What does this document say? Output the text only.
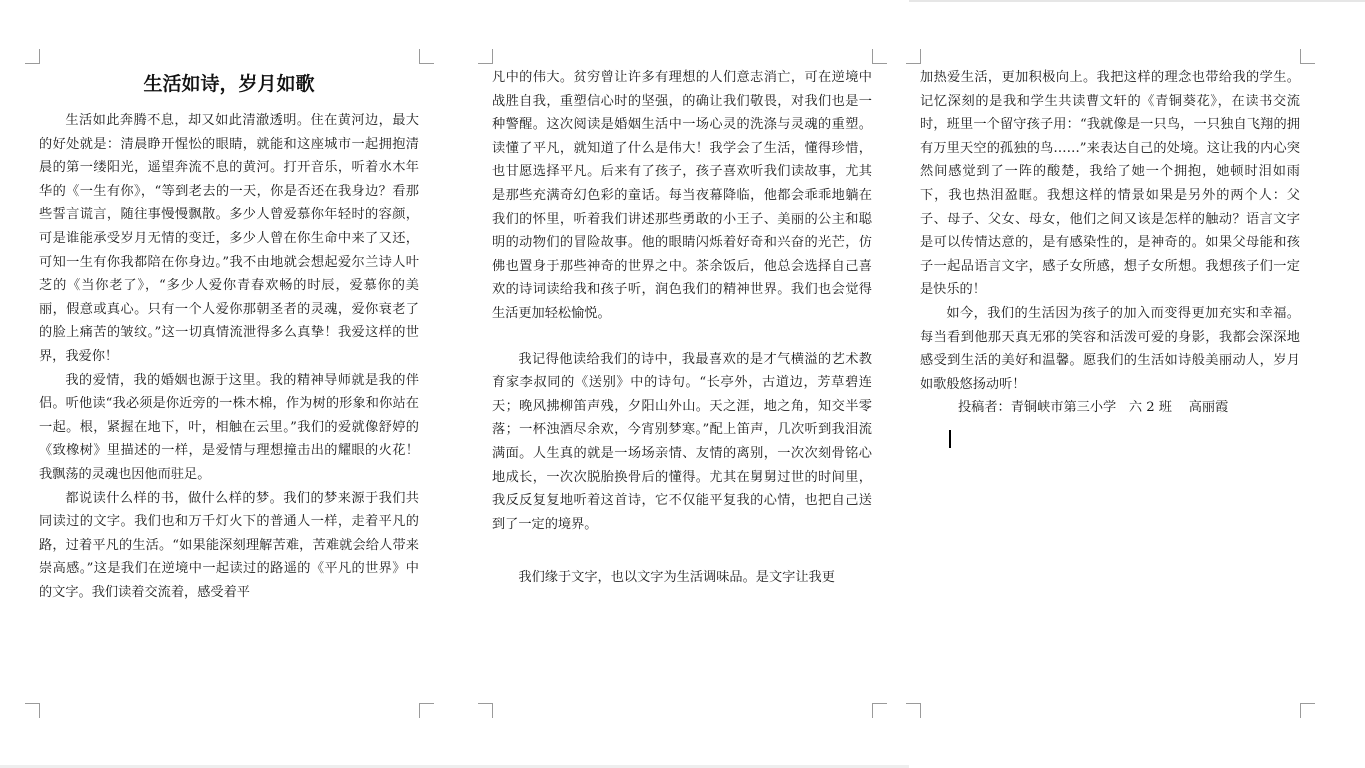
生活如诗，岁月如歌

生活如此奔腾不息，却又如此清澈透明。住在黄河边，最大的好处就是：清晨睁开惺忪的眼睛，就能和这座城市一起拥抱清晨的第一缕阳光，遥望奔流不息的黄河。打开音乐，听着水木年华的《一生有你》，“等到老去的一天，你是否还在我身边？看那些誓言谎言，随往事慢慢飘散。多少人曾爱慕你年轻时的容颜，可是谁能承受岁月无情的变迁，多少人曾在你生命中来了又还，可知一生有你我都陪在你身边。”我不由地就会想起爱尔兰诗人叶芝的《当你老了》，“多少人爱你青春欢畅的时辰，爱慕你的美丽，假意或真心。只有一个人爱你那朝圣者的灵魂，爱你衰老了的脸上痛苦的皱纹。”这一切真情流泄得多么真挚！我爱这样的世界，我爱你！

我的爱情，我的婚姻也源于这里。我的精神导师就是我的伴侣。听他读“我必须是你近旁的一株木棉，作为树的形象和你站在一起。根，紧握在地下，叶，相触在云里。”我们的爱就像舒婷的《致橡树》里描述的一样，是爱情与理想撞击出的耀眼的火花！我飘荡的灵魂也因他而驻足。

都说读什么样的书，做什么样的梦。我们的梦来源于我们共同读过的文字。我们也和万千灯火下的普通人一样，走着平凡的路，过着平凡的生活。“如果能深刻理解苦难，苦难就会给人带来崇高感。”这是我们在逆境中一起读过的路遥的《平凡的世界》中的文字。我们读着交流着，感受着平

凡中的伟大。贫穷曾让许多有理想的人们意志消亡，可在逆境中战胜自我，重塑信心时的坚强，的确让我们敬畏，对我们也是一种警醒。这次阅读是婚姻生活中一场心灵的洗涤与灵魂的重塑。读懂了平凡，就知道了什么是伟大！我学会了生活，懂得珍惜，也甘愿选择平凡。后来有了孩子，孩子喜欢听我们读故事，尤其是那些充满奇幻色彩的童话。每当夜幕降临，他都会乖乖地躺在我们的怀里，听着我们讲述那些勇敢的小王子、美丽的公主和聪明的动物们的冒险故事。他的眼睛闪烁着好奇和兴奋的光芒，仿佛也置身于那些神奇的世界之中。茶余饭后，他总会选择自己喜欢的诗词读给我和孩子听，润色我们的精神世界。我们也会觉得生活更加轻松愉悦。

我记得他读给我们的诗中，我最喜欢的是才气横溢的艺术教育家李叔同的《送别》中的诗句。“长亭外，古道边，芳草碧连天；晚风拂柳笛声残，夕阳山外山。天之涯，地之角，知交半零落；一杯浊酒尽余欢，今宵别梦寒。”配上笛声，几次听到我泪流满面。人生真的就是一场场亲情、友情的离别，一次次刻骨铭心地成长，一次次脱胎换骨后的懂得。尤其在舅舅过世的时间里，我反反复复地听着这首诗，它不仅能平复我的心情，也把自己送到了一定的境界。

我们缘于文字，也以文字为生活调味品。是文字让我更

加热爱生活，更加积极向上。我把这样的理念也带给我的学生。记忆深刻的是我和学生共读曹文轩的《青铜葵花》，在读书交流时，班里一个留守孩子用：“我就像是一只鸟，一只独自飞翔的拥有万里天空的孤独的鸟……”来表达自己的处境。这让我的内心突然间感觉到了一阵的酸楚，我给了她一个拥抱，她顿时泪如雨下，我也热泪盈眶。我想这样的情景如果是另外的两个人：父子、母子、父女、母女，他们之间又该是怎样的触动？语言文字是可以传情达意的，是有感染性的，是神奇的。如果父母能和孩子一起品语言文字，感子女所感，想子女所想。我想孩子们一定是快乐的！

如今，我们的生活因为孩子的加入而变得更加充实和幸福。每当看到他那天真无邪的笑容和活泼可爱的身影，我都会深深地感受到生活的美好和温馨。愿我们的生活如诗般美丽动人，岁月如歌般悠扬动听！

投稿者：青铜峡市第三小学   六 2 班    高丽霞
